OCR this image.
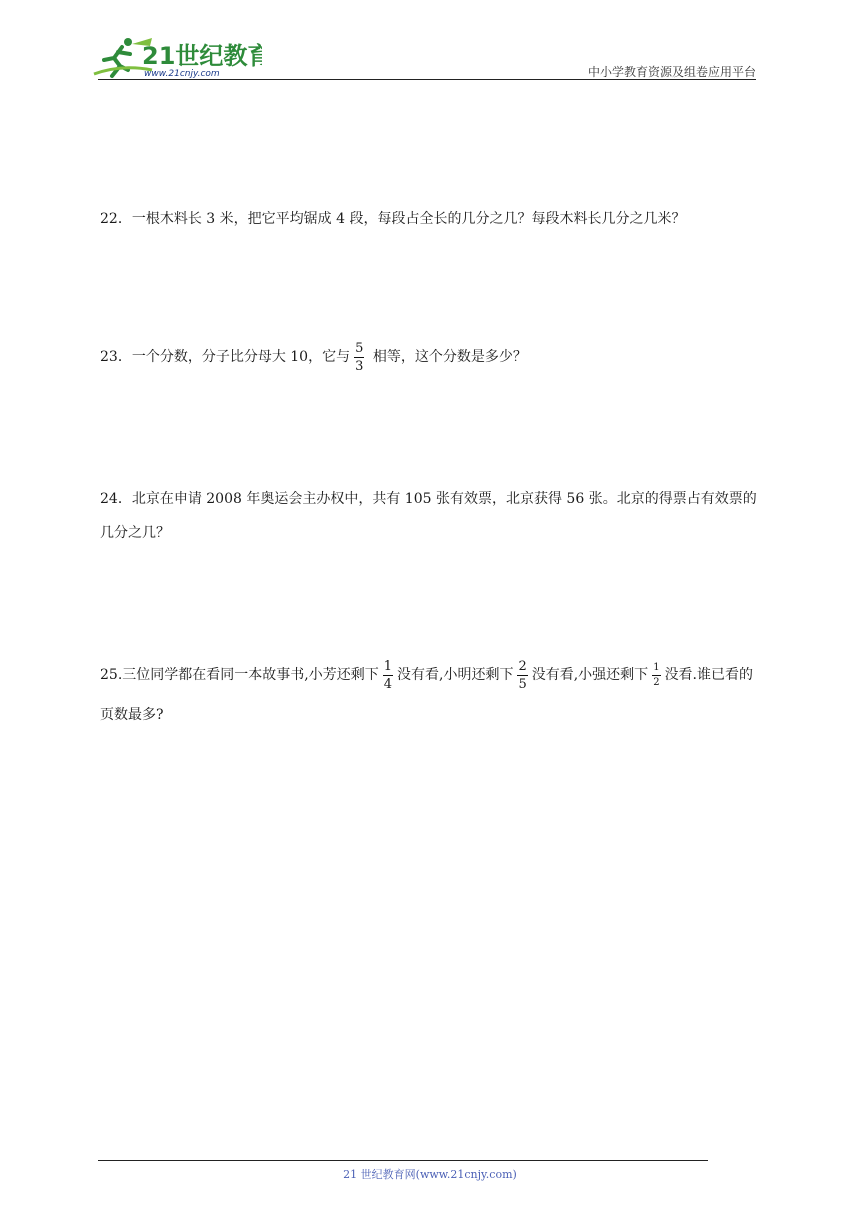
21世纪教育
www.21cnjy.com	中小学教育资源及组卷应用平台
22．一根木料长 3 米，把它平均锯成 4 段，每段占全长的几分之几？每段木料长几分之几米？
23．一个分数，分子比分母大 10，它与 $\frac{5}{3}$ 相等，这个分数是多少？
24．北京在申请 2008 年奥运会主办权中，共有 105 张有效票，北京获得 56 张。北京的得票占有效票的几分之几？
25.三位同学都在看同一本故事书,小芳还剩下 $\frac{1}{4}$ 没有看,小明还剩下 $\frac{2}{5}$ 没有看,小强还剩下 $\frac{1}{2}$ 没看.谁已看的页数最多?
21 世纪教育网(www.21cnjy.com)
